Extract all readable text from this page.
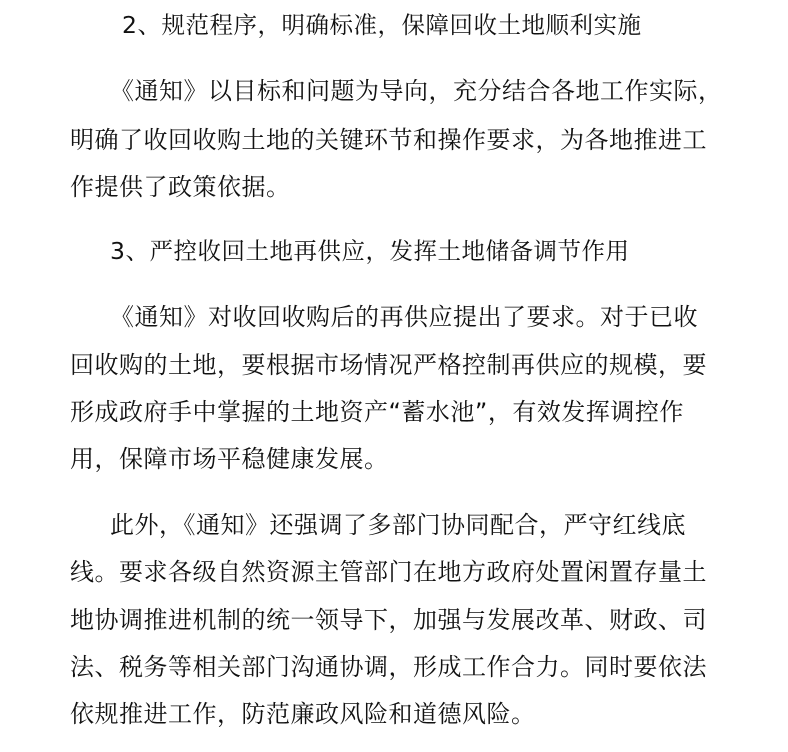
2、规范程序，明确标准，保障回收土地顺利实施
《通知》以目标和问题为导向，充分结合各地工作实际，
明确了收回收购土地的关键环节和操作要求，为各地推进工
作提供了政策依据。
3、严控收回土地再供应，发挥土地储备调节作用
《通知》对收回收购后的再供应提出了要求。对于已收
回收购的土地，要根据市场情况严格控制再供应的规模，要
形成政府手中掌握的土地资产“蓄水池”，有效发挥调控作
用，保障市场平稳健康发展。
此外，《通知》还强调了多部门协同配合，严守红线底
线。要求各级自然资源主管部门在地方政府处置闲置存量土
地协调推进机制的统一领导下，加强与发展改革、财政、司
法、税务等相关部门沟通协调，形成工作合力。同时要依法
依规推进工作，防范廉政风险和道德风险。
